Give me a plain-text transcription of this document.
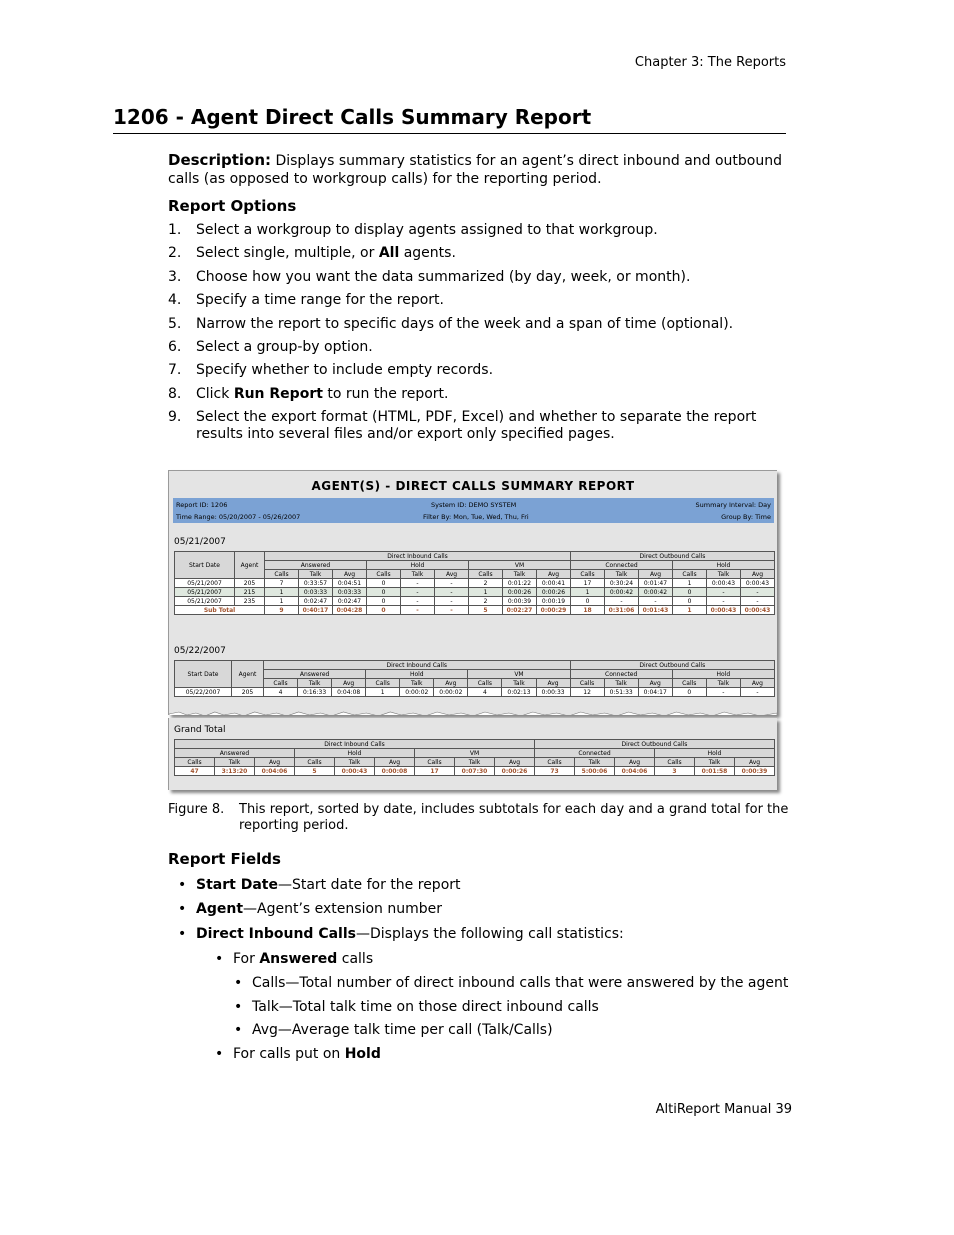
Chapter 3: The Reports
1206 - Agent Direct Calls Summary Report
Description: Displays summary statistics for an agent’s direct inbound and outbound calls (as opposed to workgroup calls) for the reporting period.
Report Options
1. Select a workgroup to display agents assigned to that workgroup.
2. Select single, multiple, or All agents.
3. Choose how you want the data summarized (by day, week, or month).
4. Specify a time range for the report.
5. Narrow the report to specific days of the week and a span of time (optional).
6. Select a group-by option.
7. Specify whether to include empty records.
8. Click Run Report to run the report.
9. Select the export format (HTML, PDF, Excel) and whether to separate the report results into several files and/or export only specified pages.
AGENT(S) - DIRECT CALLS SUMMARY REPORT
Report ID: 1206	System ID: DEMO SYSTEM	Summary Interval: Day
Time Range: 05/20/2007 - 05/26/2007	Filter By: Mon, Tue, Wed, Thu, Fri	Group By: Time
05/21/2007
Start Date	Agent	Direct Inbound Calls									Direct Outbound Calls					
		Answered			Hold			VM			Connected			Hold		
		Calls	Talk	Avg	Calls	Talk	Avg	Calls	Talk	Avg	Calls	Talk	Avg	Calls	Talk	Avg
05/21/2007	205	7	0:33:57	0:04:51	0	-	-	2	0:01:22	0:00:41	17	0:30:24	0:01:47	1	0:00:43	0:00:43
05/21/2007	215	1	0:03:33	0:03:33	0	-	-	1	0:00:26	0:00:26	1	0:00:42	0:00:42	0	-	-
05/21/2007	235	1	0:02:47	0:02:47	0	-	-	2	0:00:39	0:00:19	0	-	-	0	-	-
Sub Total		9	0:40:17	0:04:28	0	-	-	5	0:02:27	0:00:29	18	0:31:06	0:01:43	1	0:00:43	0:00:43
05/22/2007
Start Date	Agent	Direct Inbound Calls									Direct Outbound Calls					
		Answered			Hold			VM			Connected			Hold		
		Calls	Talk	Avg	Calls	Talk	Avg	Calls	Talk	Avg	Calls	Talk	Avg	Calls	Talk	Avg
05/22/2007	205	4	0:16:33	0:04:08	1	0:00:02	0:00:02	4	0:02:13	0:00:33	12	0:51:33	0:04:17	0	-	-
Grand Total
Direct Inbound Calls									Direct Outbound Calls					
Answered			Hold			VM			Connected			Hold		
Calls	Talk	Avg	Calls	Talk	Avg	Calls	Talk	Avg	Calls	Talk	Avg	Calls	Talk	Avg
47	3:13:20	0:04:06	5	0:00:43	0:00:08	17	0:07:30	0:00:26	73	5:00:06	0:04:06	3	0:01:58	0:00:39
Figure 8. This report, sorted by date, includes subtotals for each day and a grand total for the reporting period.
Report Fields
• Start Date—Start date for the report
• Agent—Agent’s extension number
• Direct Inbound Calls—Displays the following call statistics:
• For Answered calls
• Calls—Total number of direct inbound calls that were answered by the agent
• Talk—Total talk time on those direct inbound calls
• Avg—Average talk time per call (Talk/Calls)
• For calls put on Hold
AltiReport Manual 39
